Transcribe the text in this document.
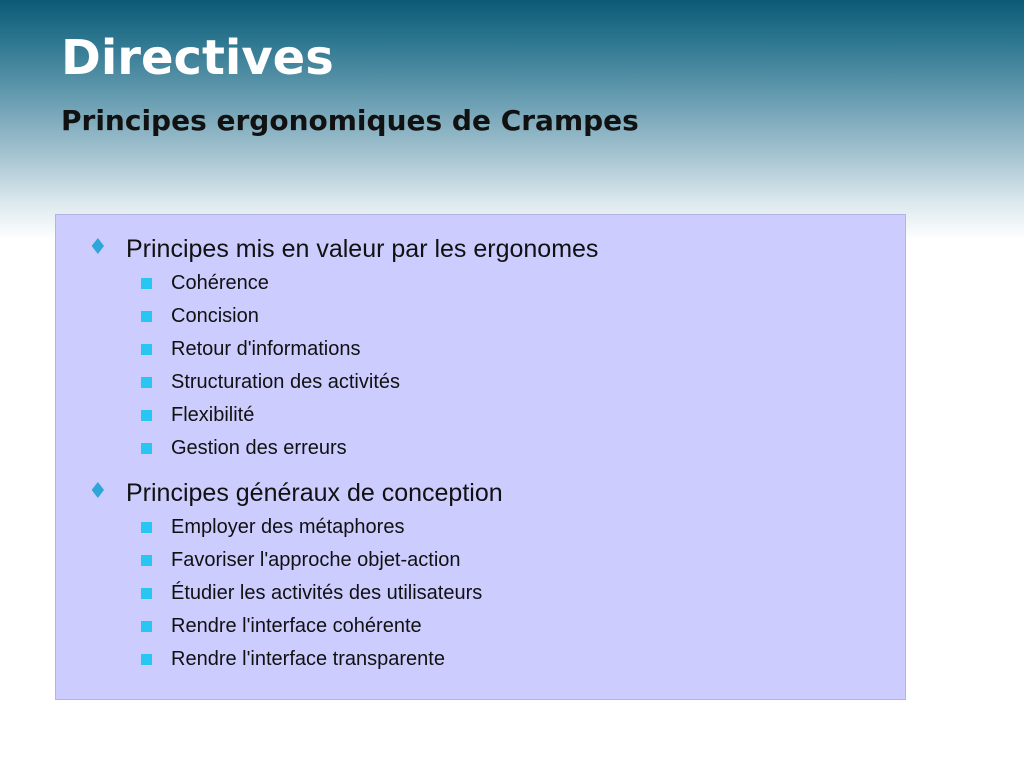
Directives
Principes ergonomiques de Crampes
♦ Principes mis en valeur par les ergonomes
Cohérence
Concision
Retour d'informations
Structuration des activités
Flexibilité
Gestion des erreurs
♦ Principes généraux de conception
Employer des métaphores
Favoriser l'approche objet-action
Étudier les activités des utilisateurs
Rendre l'interface cohérente
Rendre l'interface transparente
